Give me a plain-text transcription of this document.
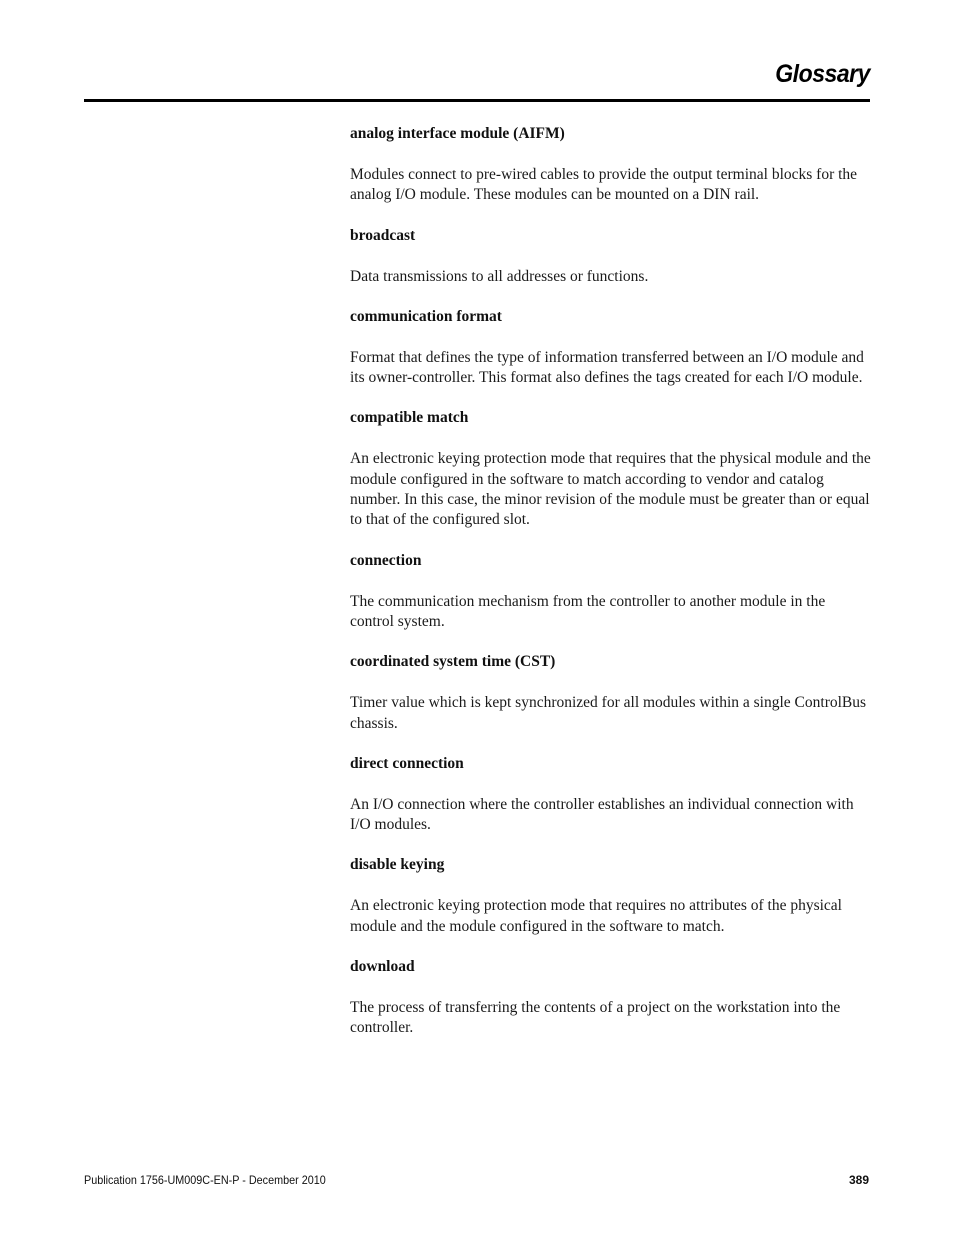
Glossary

analog interface module (AIFM)

Modules connect to pre-wired cables to provide the output terminal blocks for the analog I/O module. These modules can be mounted on a DIN rail.

broadcast

Data transmissions to all addresses or functions.

communication format

Format that defines the type of information transferred between an I/O module and its owner-controller. This format also defines the tags created for each I/O module.

compatible match

An electronic keying protection mode that requires that the physical module and the module configured in the software to match according to vendor and catalog number. In this case, the minor revision of the module must be greater than or equal to that of the configured slot.

connection

The communication mechanism from the controller to another module in the control system.

coordinated system time (CST)

Timer value which is kept synchronized for all modules within a single ControlBus chassis.

direct connection

An I/O connection where the controller establishes an individual connection with I/O modules.

disable keying

An electronic keying protection mode that requires no attributes of the physical module and the module configured in the software to match.

download

The process of transferring the contents of a project on the workstation into the controller.

Publication 1756-UM009C-EN-P - December 2010	389
